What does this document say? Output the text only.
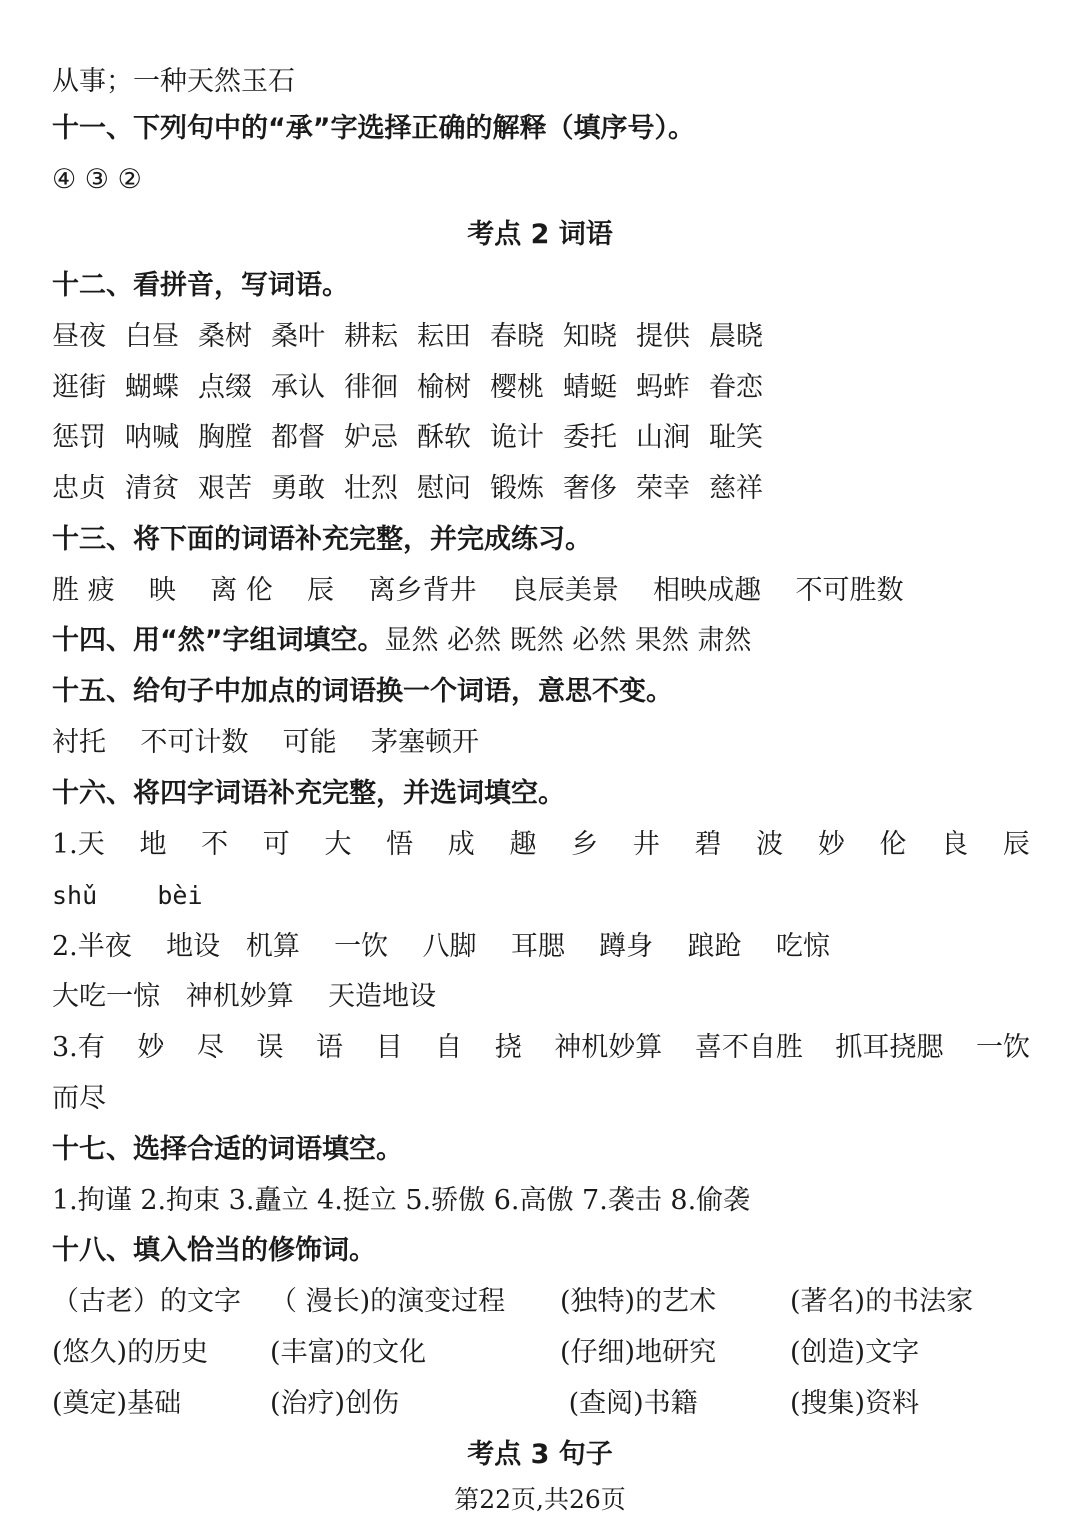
从事；一种天然玉石
十一、下列句中的“承”字选择正确的解释（填序号）。
④ ③ ②
考点 2 词语
十二、看拼音，写词语。
昼夜 白昼 桑树 桑叶 耕耘 耘田 春晓 知晓 提供 晨晓
逛街 蝴蝶 点缀 承认 徘徊 榆树 樱桃 蜻蜓 蚂蚱 眷恋
惩罚 呐喊 胸膛 都督 妒忌 酥软 诡计 委托 山涧 耻笑
忠贞 清贫 艰苦 勇敢 壮烈 慰问 锻炼 奢侈 荣幸 慈祥
十三、将下面的词语补充完整，并完成练习。
胜 疲    映    离 伦    辰    离乡背井    良辰美景    相映成趣    不可胜数
十四、用“然”字组词填空。显然 必然 既然 必然 果然 肃然
十五、给句子中加点的词语换一个词语，意思不变。
衬托    不可计数    可能    茅塞顿开
十六、将四字词语补充完整，并选词填空。
1.天 地 不 可 大 悟 成 趣 乡 井 碧 波 妙 伦 良 辰
shǔ    bèi
2.半夜    地设   机算    一饮    八脚    耳腮    蹲身    踉跄    吃惊
大吃一惊   神机妙算    天造地设
3.有 妙 尽 误 语 目 自 挠 神机妙算 喜不自胜 抓耳挠腮 一饮
而尽
十七、选择合适的词语填空。
1.拘谨 2.拘束 3.矗立 4.挺立 5.骄傲 6.高傲 7.袭击 8.偷袭
十八、填入恰当的修饰词。
（古老）的文字 （ 漫长)的演变过程 (独特)的艺术	(著名)的书法家
(悠久)的历史 (丰富)的文化	(仔细)地研究	(创造)文字
(奠定)基础	(治疗)创伤	(查阅)书籍	(搜集)资料
考点 3 句子
第22页,共26页
